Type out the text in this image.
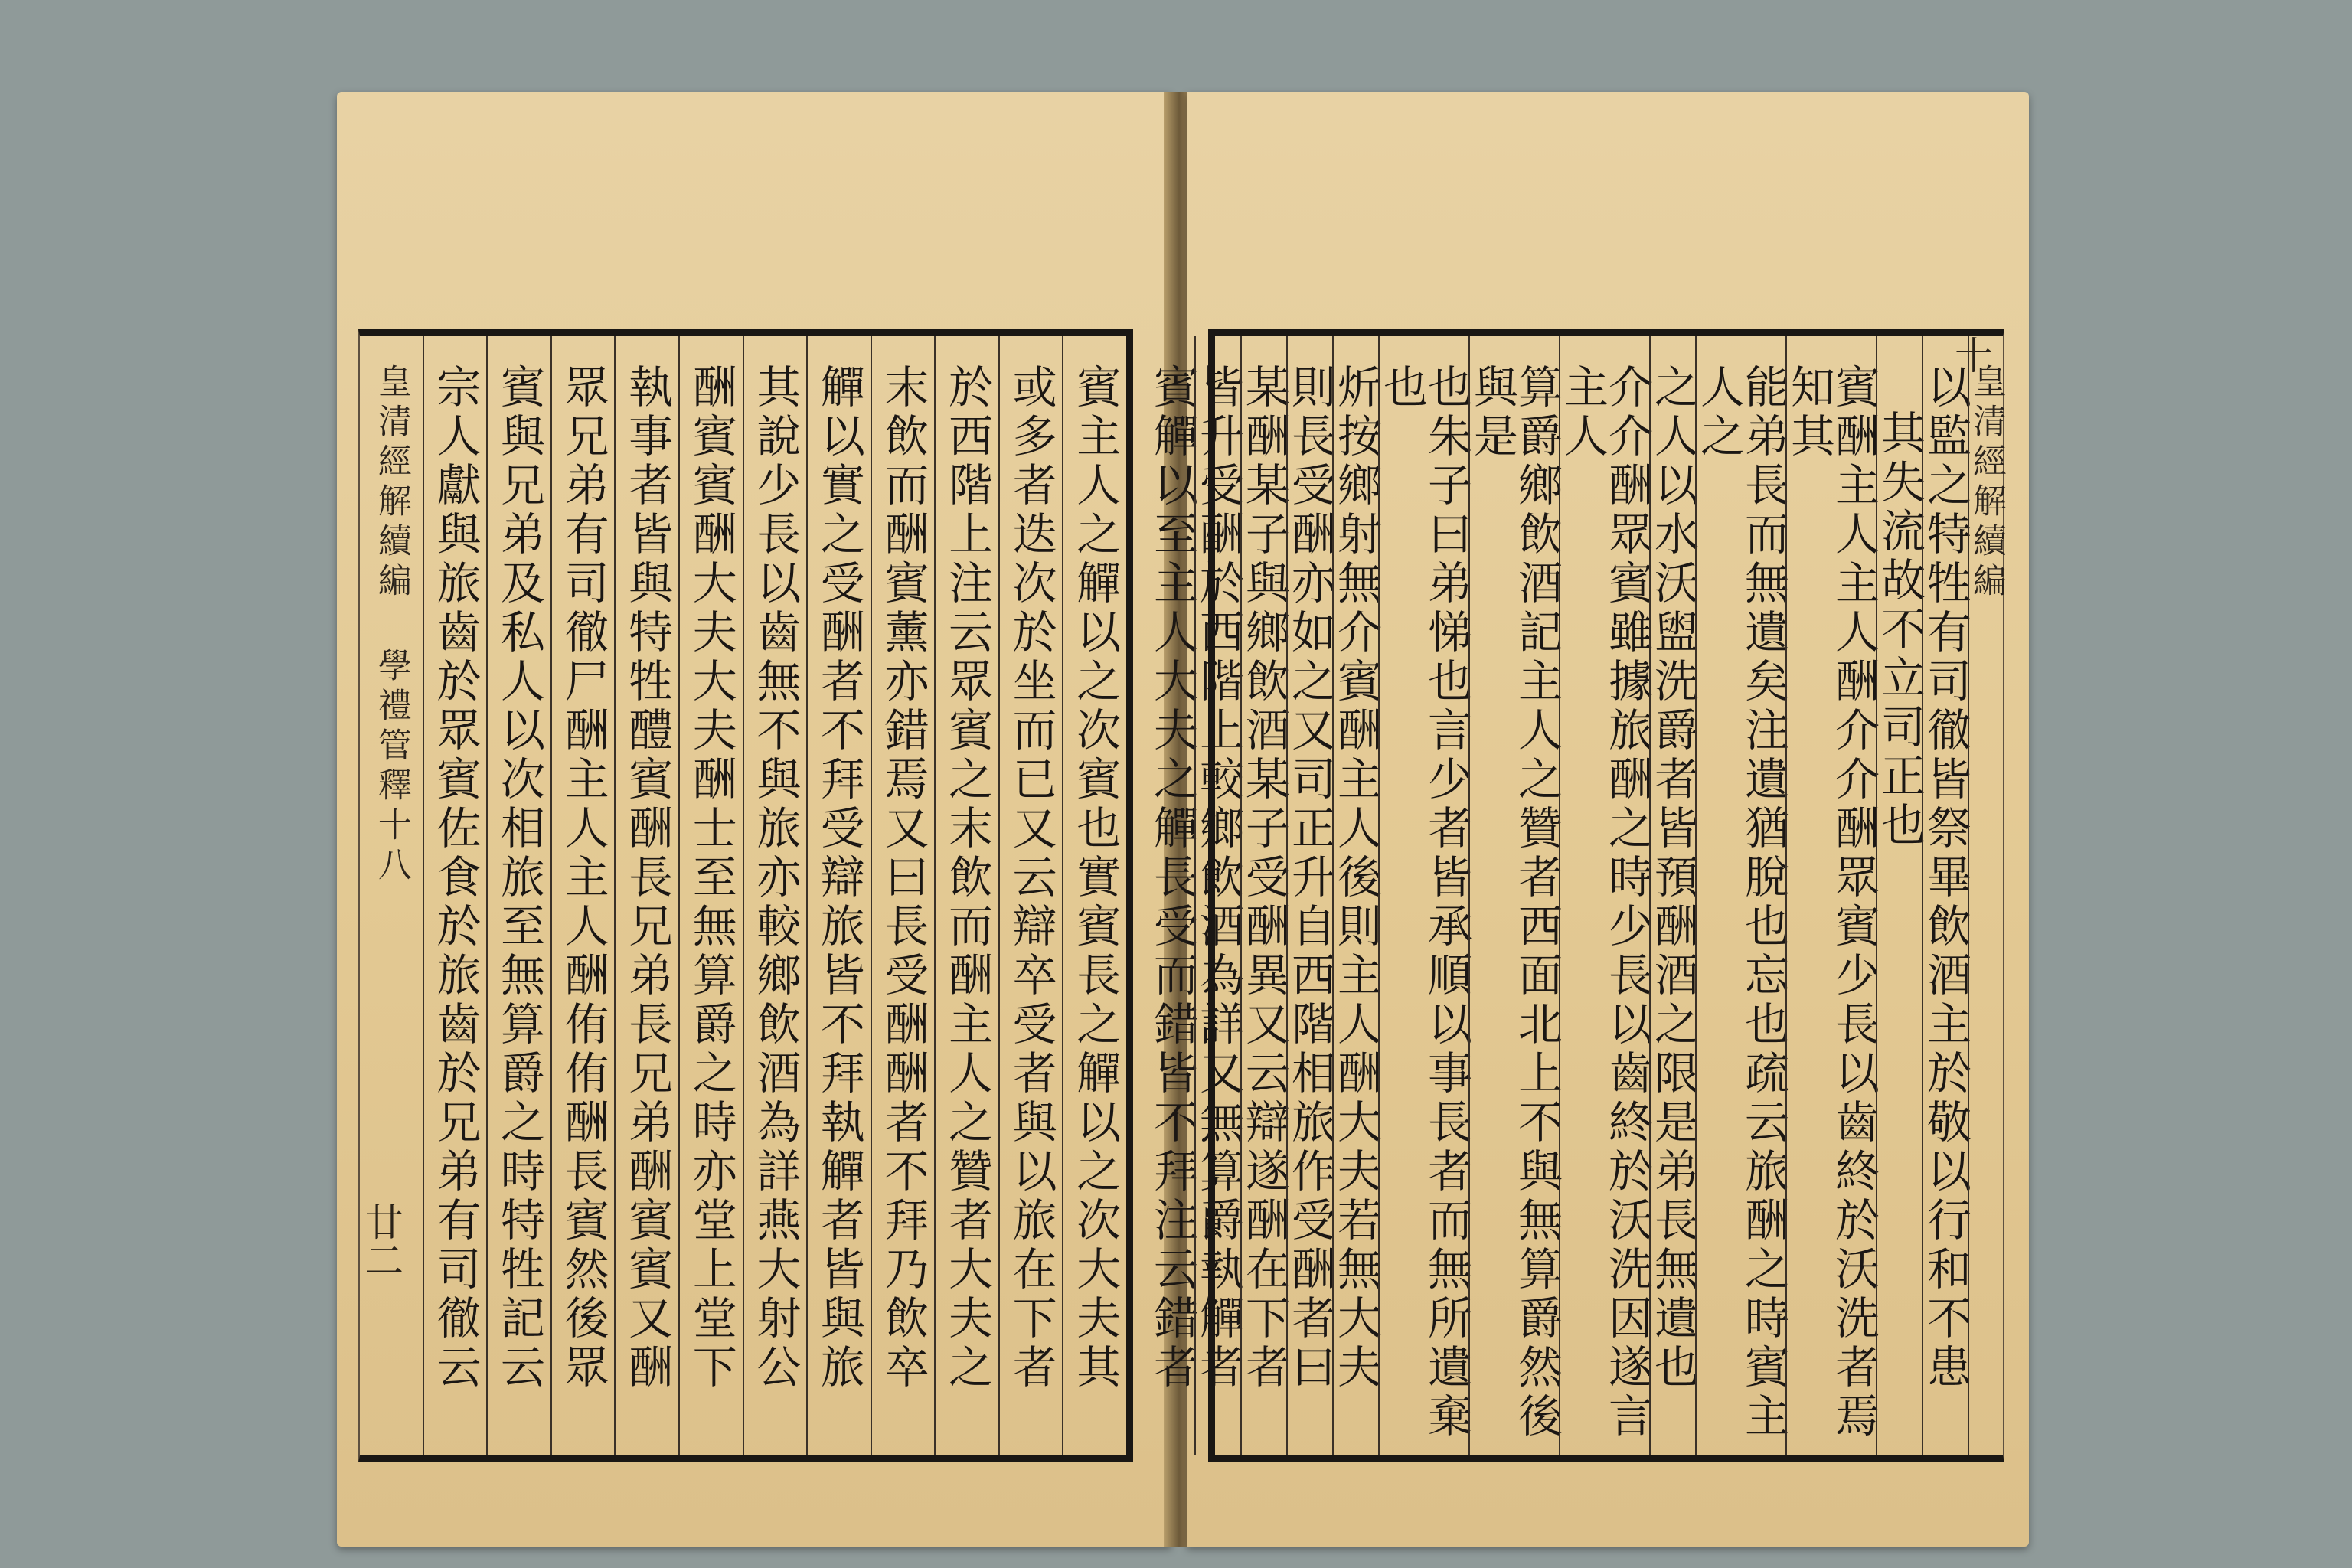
廿二	賓主人之觶以之次賓也實賓長之觶以之次大夫其
或多者迭次於坐而已又云辯卒受者與以旅在下者
於西階上注云眾賓之末飲而酬主人之贊者大夫之
末飲而酬賓薰亦錯焉又曰長受酬酬者不拜乃飲卒
觶以實之受酬者不拜受辯旅皆不拜執觶者皆與旅
其說少長以齒無不與旅亦較鄉飲酒為詳燕大射公
酬賓賓酬大夫大夫酬士至無算爵之時亦堂上堂下
執事者皆與特牲醴賓酬長兄弟長兄弟酬賓賓又酬
眾兄弟有司徹尸酬主人主人酬侑侑酬長賓然後眾
賓與兄弟及私人以次相旅至無算爵之時特牲記云
宗人獻與旅齒於眾賓佐食於旅齒於兄弟有司徹云
皇清經解續編 學禮管釋十八
十
皇清經解續編
以監之特牲有司徹皆祭畢飲酒主於敬以行和不患
其失流故不立司正也
賓酬主人主人酬介介酬眾賓少長以齒終於沃洗者焉知其
能弟長而無遺矣注遺猶脫也忘也疏云旅酬之時賓主人之
之人以水沃盥洗爵者皆預酬酒之限是弟長無遺也
介介酬眾賓雖據旅酬之時少長以齒終於沃洗因遂言主人
算爵鄉飲酒記主人之贊者西面北上不與無算爵然後與是
也朱子曰弟悌也言少者皆承順以事長者而無所遺棄也
炘按鄉射無介賓酬主人後則主人酬大夫若無大夫
則長受酬亦如之又司正升自西階相旅作受酬者曰
某酬某子與鄉飲酒某子受酬異又云辯遂酬在下者
皆升受酬於西階上較鄉飲酒為詳又無算爵執觶者
賓觶以至主人大夫之觶長受而錯皆不拜注云錯者
